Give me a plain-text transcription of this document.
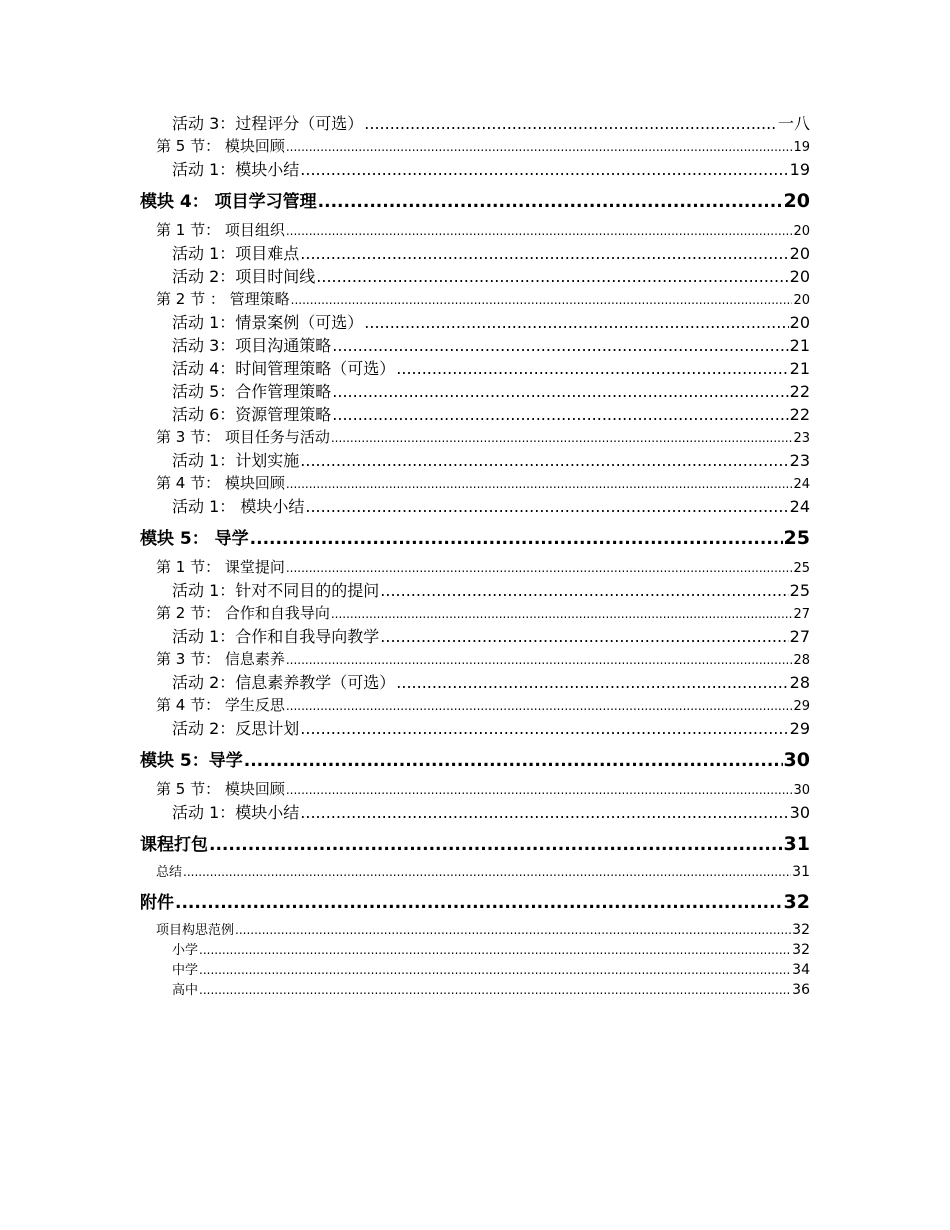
活动 3：过程评分（可选） .....	一八
第 5 节： 模块回顾 .....	19
活动 1：模块小结 .....	19
模块 4： 项目学习管理 .....	20
第 1 节： 项目组织 .....	20
活动 1：项目难点 .....	20
活动 2：项目时间线 .....	20
第 2 节 ： 管理策略 .....	20
活动 1：情景案例（可选） .....	20
活动 3：项目沟通策略 .....	21
活动 4：时间管理策略（可选） .....	21
活动 5：合作管理策略 .....	22
活动 6：资源管理策略 .....	22
第 3 节： 项目任务与活动 .....	23
活动 1：计划实施 .....	23
第 4 节： 模块回顾 .....	24
活动 1： 模块小结 .....	24
模块 5： 导学 .....	25
第 1 节： 课堂提问 .....	25
活动 1：针对不同目的的提问 .....	25
第 2 节： 合作和自我导向 .....	27
活动 1：合作和自我导向教学 .....	27
第 3 节： 信息素养 .....	28
活动 2：信息素养教学（可选） .....	28
第 4 节： 学生反思 .....	29
活动 2：反思计划 .....	29
模块 5：导学 .....	30
第 5 节： 模块回顾 .....	30
活动 1：模块小结 .....	30
课程打包 .....	31
总结 .....	31
附件 .....	32
项目构思范例 .....	32
小学 .....	32
中学 .....	34
高中 .....	36
